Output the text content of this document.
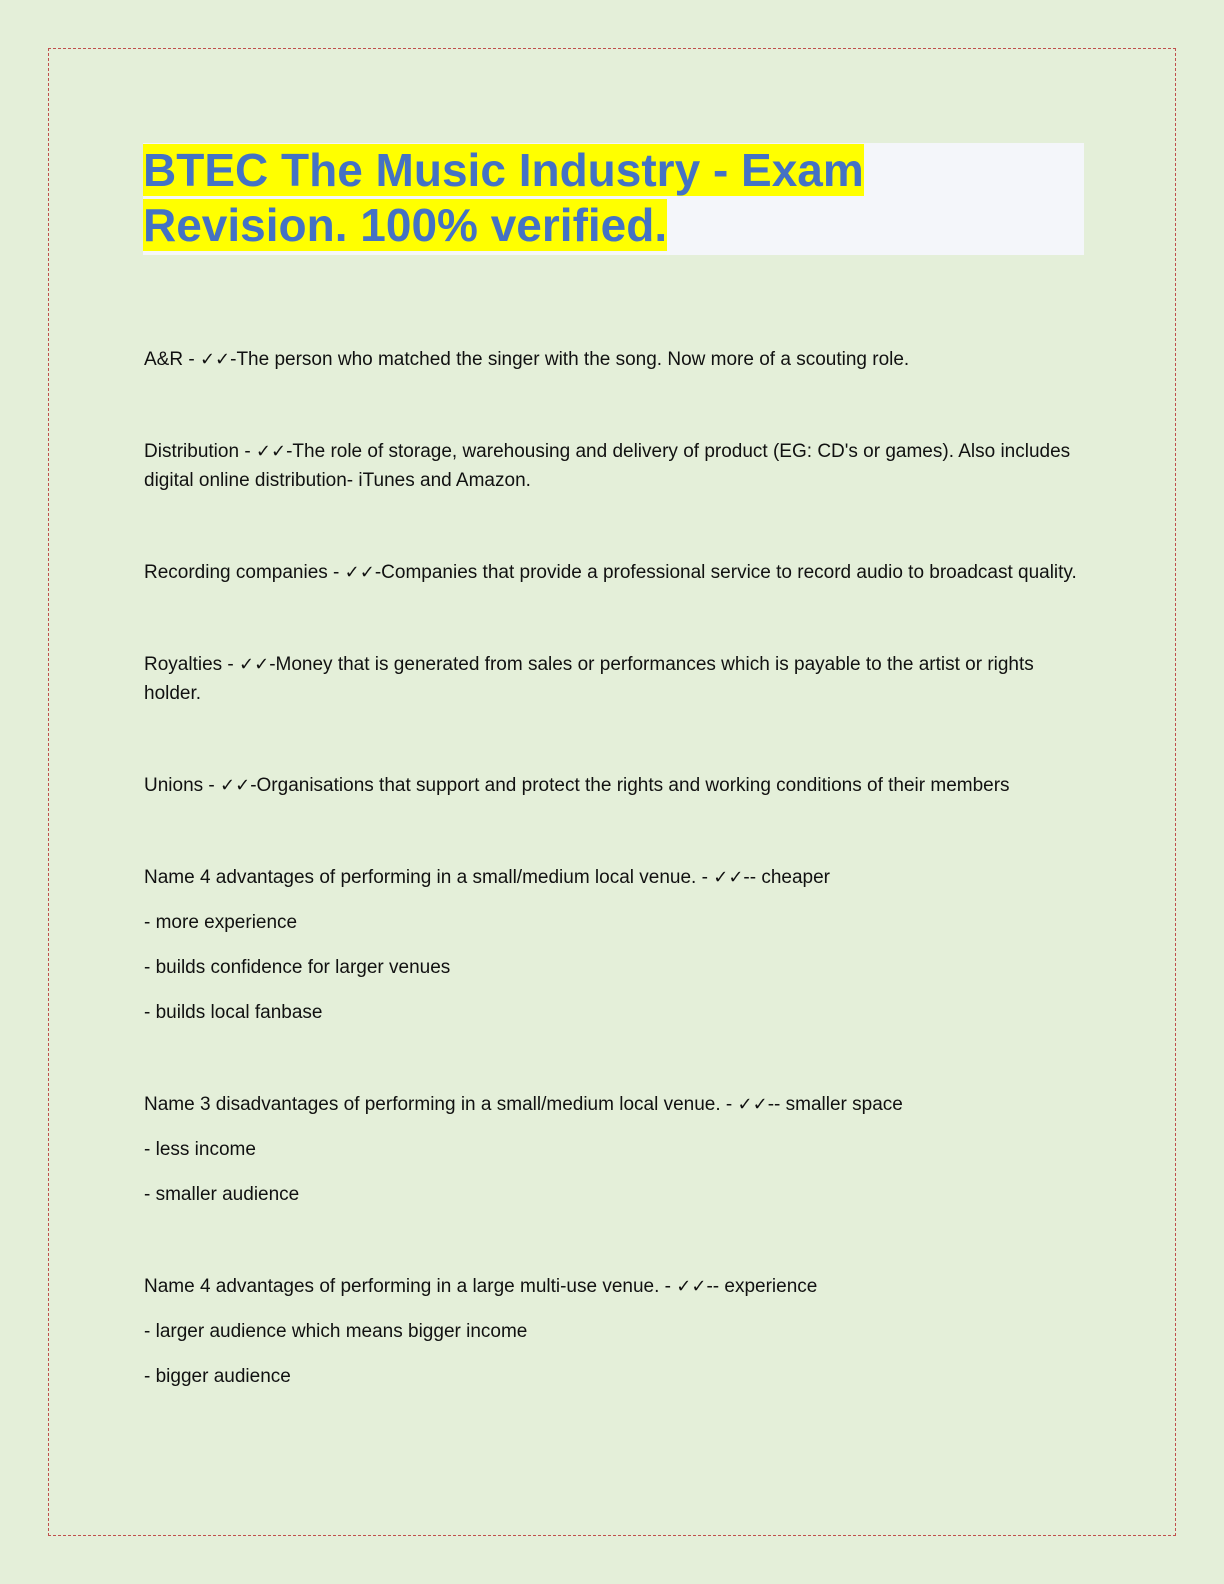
BTEC The Music Industry - Exam
Revision. 100% verified.

A&R - ✓✓-The person who matched the singer with the song. Now more of a scouting role.

Distribution - ✓✓-The role of storage, warehousing and delivery of product (EG: CD's or games). Also includes digital online distribution- iTunes and Amazon.

Recording companies - ✓✓-Companies that provide a professional service to record audio to broadcast quality.

Royalties - ✓✓-Money that is generated from sales or performances which is payable to the artist or rights holder.

Unions - ✓✓-Organisations that support and protect the rights and working conditions of their members

Name 4 advantages of performing in a small/medium local venue. - ✓✓-- cheaper

- more experience

- builds confidence for larger venues

- builds local fanbase

Name 3 disadvantages of performing in a small/medium local venue. - ✓✓-- smaller space

- less income

- smaller audience

Name 4 advantages of performing in a large multi-use venue. - ✓✓-- experience

- larger audience which means bigger income

- bigger audience
